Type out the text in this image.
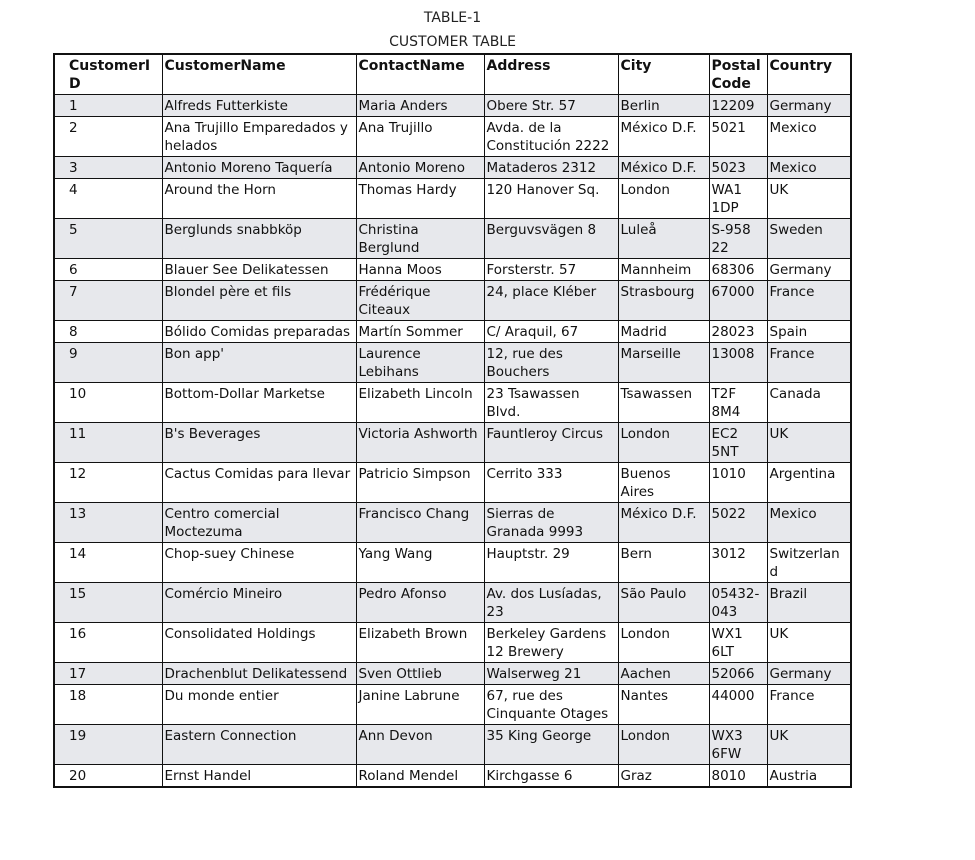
TABLE-1
CUSTOMER TABLE
CustomerID	CustomerName	ContactName	Address	City	Postal Code	Country
1	Alfreds Futterkiste	Maria Anders	Obere Str. 57	Berlin	12209	Germany
2	Ana Trujillo Emparedados y helados	Ana Trujillo	Avda. de la Constitución 2222	México D.F.	5021	Mexico
3	Antonio Moreno Taquería	Antonio Moreno	Mataderos 2312	México D.F.	5023	Mexico
4	Around the Horn	Thomas Hardy	120 Hanover Sq.	London	WA1 1DP	UK
5	Berglunds snabbköp	Christina Berglund	Berguvsvägen 8	Luleå	S-958 22	Sweden
6	Blauer See Delikatessen	Hanna Moos	Forsterstr. 57	Mannheim	68306	Germany
7	Blondel père et fils	Frédérique Citeaux	24, place Kléber	Strasbourg	67000	France
8	Bólido Comidas preparadas	Martín Sommer	C/ Araquil, 67	Madrid	28023	Spain
9	Bon app'	Laurence Lebihans	12, rue des Bouchers	Marseille	13008	France
10	Bottom-Dollar Marketse	Elizabeth Lincoln	23 Tsawassen Blvd.	Tsawassen	T2F 8M4	Canada
11	B's Beverages	Victoria Ashworth	Fauntleroy Circus	London	EC2 5NT	UK
12	Cactus Comidas para llevar	Patricio Simpson	Cerrito 333	Buenos Aires	1010	Argentina
13	Centro comercial Moctezuma	Francisco Chang	Sierras de Granada 9993	México D.F.	5022	Mexico
14	Chop-suey Chinese	Yang Wang	Hauptstr. 29	Bern	3012	Switzerland
15	Comércio Mineiro	Pedro Afonso	Av. dos Lusíadas, 23	São Paulo	05432-043	Brazil
16	Consolidated Holdings	Elizabeth Brown	Berkeley Gardens 12 Brewery	London	WX1 6LT	UK
17	Drachenblut Delikatessend	Sven Ottlieb	Walserweg 21	Aachen	52066	Germany
18	Du monde entier	Janine Labrune	67, rue des Cinquante Otages	Nantes	44000	France
19	Eastern Connection	Ann Devon	35 King George	London	WX3 6FW	UK
20	Ernst Handel	Roland Mendel	Kirchgasse 6	Graz	8010	Austria
